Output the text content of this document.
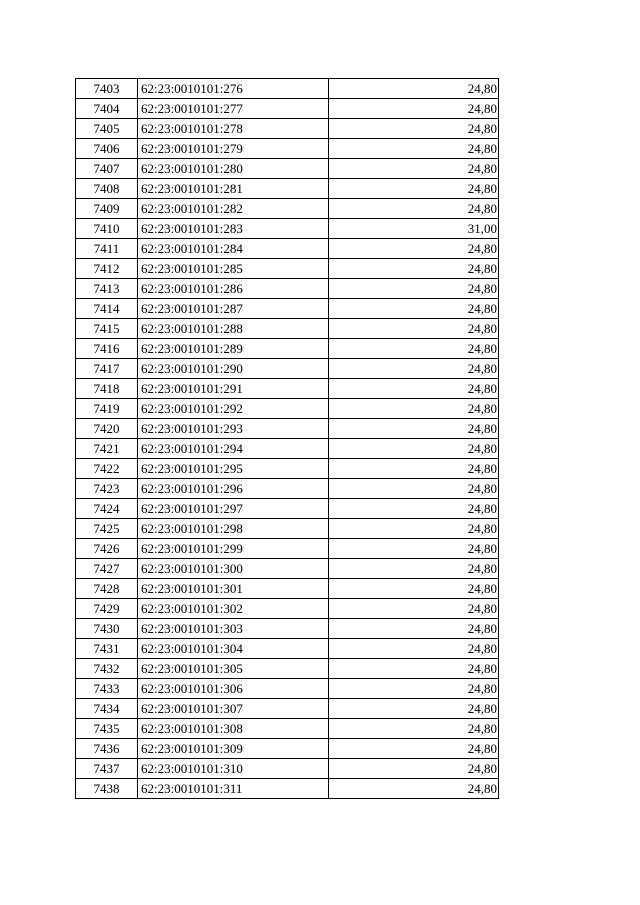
7403	62:23:0010101:276	24,80
7404	62:23:0010101:277	24,80
7405	62:23:0010101:278	24,80
7406	62:23:0010101:279	24,80
7407	62:23:0010101:280	24,80
7408	62:23:0010101:281	24,80
7409	62:23:0010101:282	24,80
7410	62:23:0010101:283	31,00
7411	62:23:0010101:284	24,80
7412	62:23:0010101:285	24,80
7413	62:23:0010101:286	24,80
7414	62:23:0010101:287	24,80
7415	62:23:0010101:288	24,80
7416	62:23:0010101:289	24,80
7417	62:23:0010101:290	24,80
7418	62:23:0010101:291	24,80
7419	62:23:0010101:292	24,80
7420	62:23:0010101:293	24,80
7421	62:23:0010101:294	24,80
7422	62:23:0010101:295	24,80
7423	62:23:0010101:296	24,80
7424	62:23:0010101:297	24,80
7425	62:23:0010101:298	24,80
7426	62:23:0010101:299	24,80
7427	62:23:0010101:300	24,80
7428	62:23:0010101:301	24,80
7429	62:23:0010101:302	24,80
7430	62:23:0010101:303	24,80
7431	62:23:0010101:304	24,80
7432	62:23:0010101:305	24,80
7433	62:23:0010101:306	24,80
7434	62:23:0010101:307	24,80
7435	62:23:0010101:308	24,80
7436	62:23:0010101:309	24,80
7437	62:23:0010101:310	24,80
7438	62:23:0010101:311	24,80
